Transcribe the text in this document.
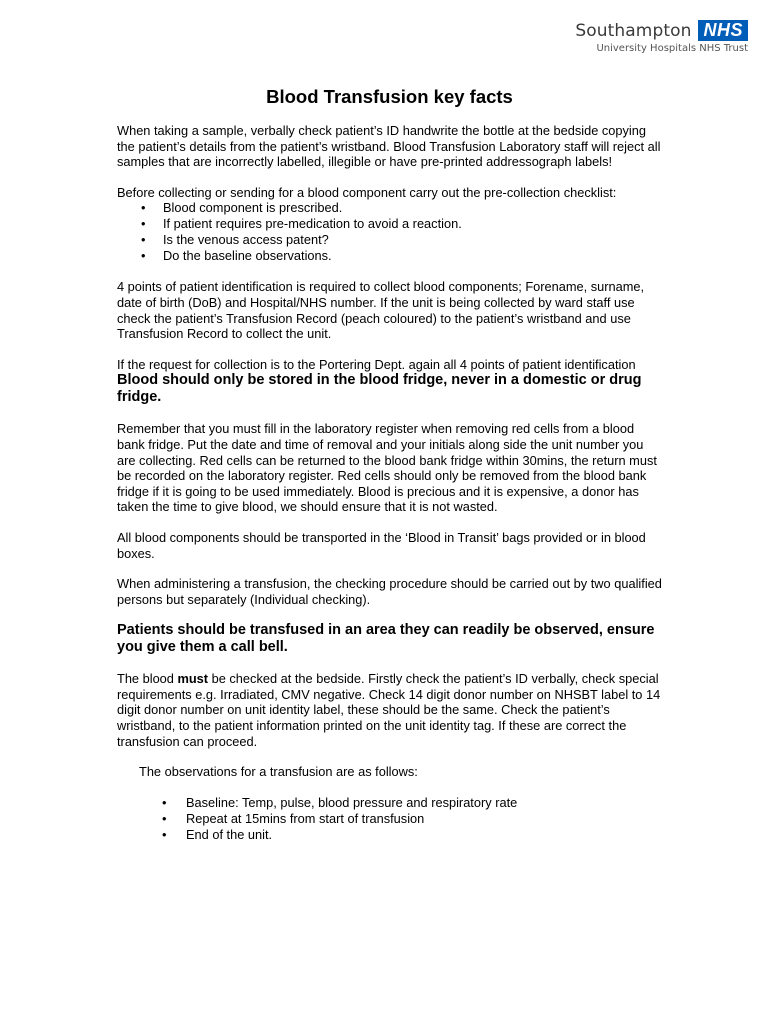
Southampton NHS
University Hospitals NHS Trust
Blood Transfusion key facts

When taking a sample, verbally check patient’s ID handwrite the bottle at the bedside copying the patient’s details from the patient’s wristband. Blood Transfusion Laboratory staff will reject all samples that are incorrectly labelled, illegible or have pre-printed addressograph labels!

Before collecting or sending for a blood component carry out the pre-collection checklist:

• Blood component is prescribed.
• If patient requires pre-medication to avoid a reaction.
• Is the venous access patent?
• Do the baseline observations.

4 points of patient identification is required to collect blood components; Forename, surname, date of birth (DoB) and Hospital/NHS number. If the unit is being collected by ward staff use check the patient’s Transfusion Record (peach coloured) to the patient’s wristband and use Transfusion Record to collect the unit.

If the request for collection is to the Portering Dept. again all 4 points of patient identification

Blood should only be stored in the blood fridge, never in a domestic or drug fridge.

Remember that you must fill in the laboratory register when removing red cells from a blood bank fridge. Put the date and time of removal and your initials along side the unit number you are collecting. Red cells can be returned to the blood bank fridge within 30mins, the return must be recorded on the laboratory register. Red cells should only be removed from the blood bank fridge if it is going to be used immediately. Blood is precious and it is expensive, a donor has taken the time to give blood, we should ensure that it is not wasted.

All blood components should be transported in the ‘Blood in Transit’ bags provided or in blood boxes.

When administering a transfusion, the checking procedure should be carried out by two qualified persons but separately (Individual checking).

Patients should be transfused in an area they can readily be observed, ensure you give them a call bell.

The blood must be checked at the bedside. Firstly check the patient’s ID verbally, check special requirements e.g. Irradiated, CMV negative. Check 14 digit donor number on NHSBT label to 14 digit donor number on unit identity label, these should be the same. Check the patient’s wristband, to the patient information printed on the unit identity tag. If these are correct the transfusion can proceed.

The observations for a transfusion are as follows:

• Baseline: Temp, pulse, blood pressure and respiratory rate
• Repeat at 15mins from start of transfusion
• End of the unit.
